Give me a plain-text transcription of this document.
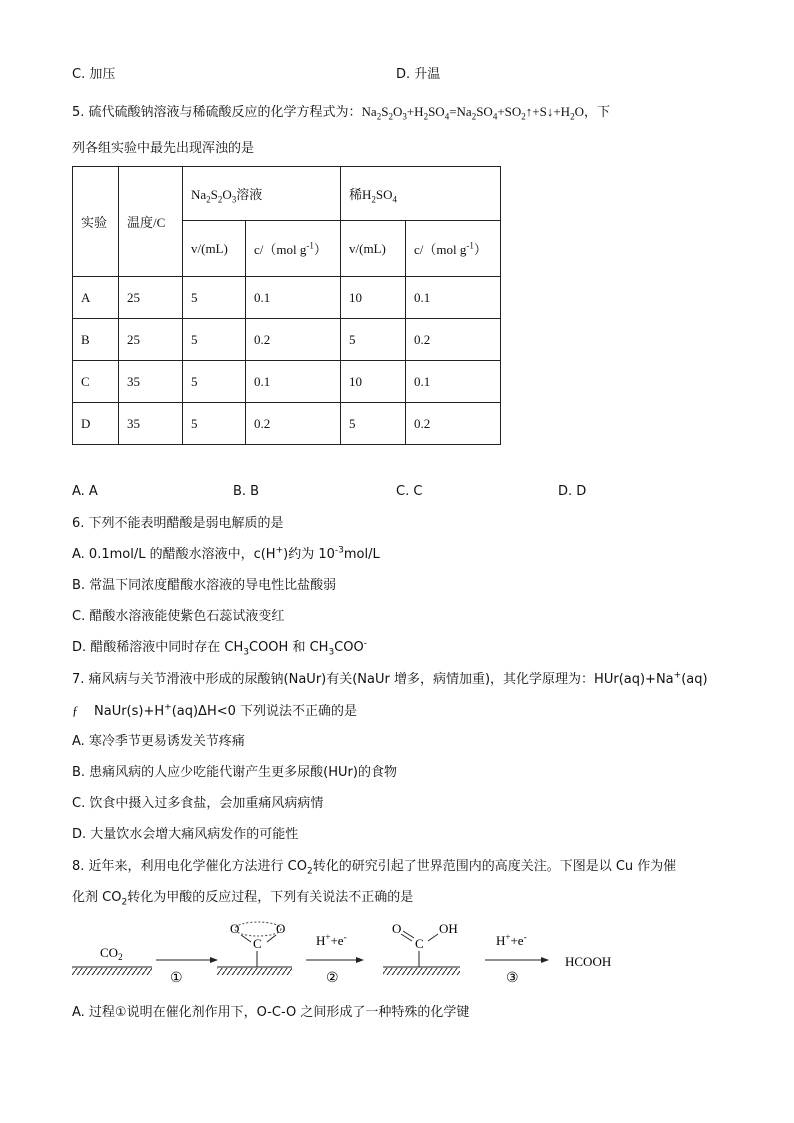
C. 加压	D. 升温
5. 硫代硫酸钠溶液与稀硫酸反应的化学方程式为：$Na_2S_2O_3+H_2SO_4=Na_2SO_4+SO_2↑+S↓+H_2O$，下
列各组实验中最先出现浑浊的是
实验	温度/C	$Na_2S_2O_3$溶液		稀$H_2SO_4$
		v/(mL)	c/（mol $g^{-1}$）	v/(mL)	c/（mol $g^{-1}$）
A	25	5	0.1	10	0.1
B	25	5	0.2	5	0.2
C	35	5	0.1	10	0.1
D	35	5	0.2	5	0.2
A. A	B. B	C. C	D. D
6. 下列不能表明醋酸是弱电解质的是
A. 0.1mol/L 的醋酸水溶液中，c(H+)约为 $10^{-3}mol/L$
B. 常温下同浓度醋酸水溶液的导电性比盐酸弱
C. 醋酸水溶液能使紫色石蕊试液变红
D. 醋酸稀溶液中同时存在 $CH_3COOH$ 和 $CH_3COO^-$
7. 痛风病与关节滑液中形成的尿酸钠(NaUr)有关(NaUr 增多，病情加重)，其化学原理为：HUr(aq)+Na+(aq)
ƒ NaUr(s)+H+(aq)ΔH<0 下列说法不正确的是
A. 寒冷季节更易诱发关节疼痛
B. 患痛风病的人应少吃能代谢产生更多尿酸(HUr)的食物
C. 饮食中摄入过多食盐，会加重痛风病病情
D. 大量饮水会增大痛风病发作的可能性
8. 近年来，利用电化学催化方法进行 $CO_2$转化的研究引起了世界范围内的高度关注。下图是以 Cu 作为催
化剂 $CO_2$转化为甲酸的反应过程，下列有关说法不正确的是
$CO_2$
①
O	O
C	H++e-
②
O	OH
C	H++e-
③
HCOOH
A. 过程①说明在催化剂作用下，O-C-O 之间形成了一种特殊的化学键
